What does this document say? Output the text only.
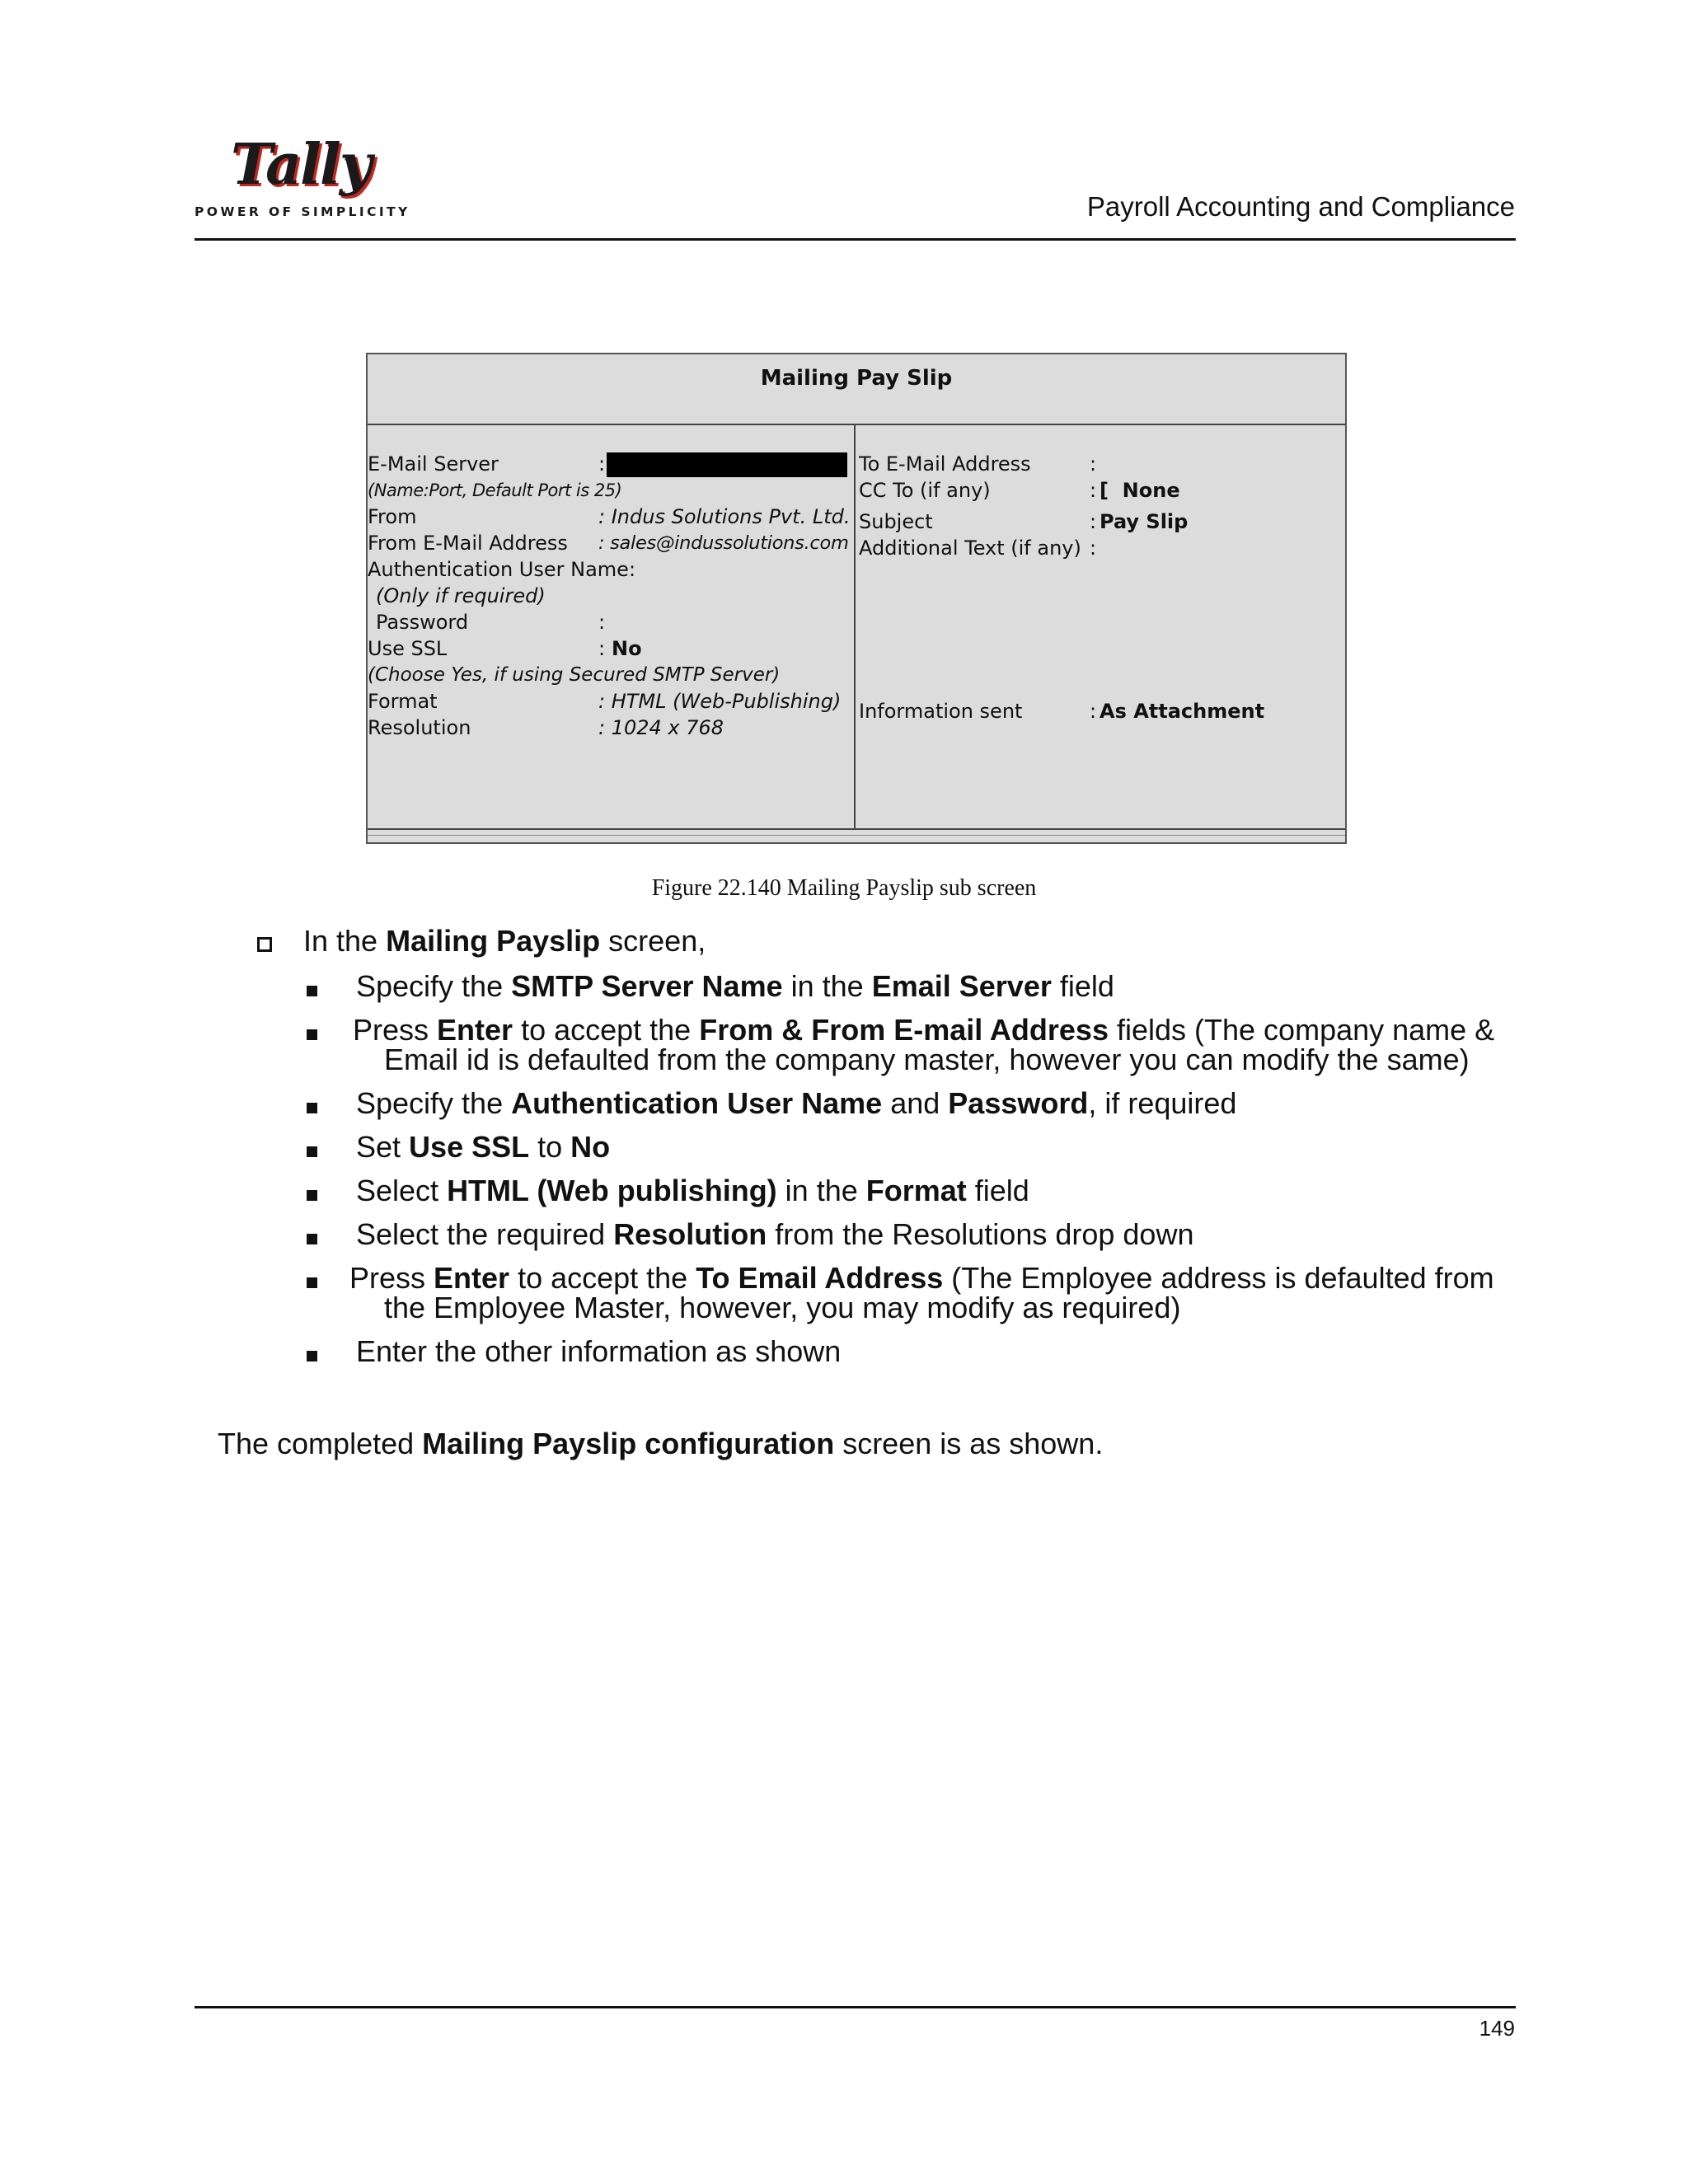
Tally
POWER OF SIMPLICITY	Payroll Accounting and Compliance
Mailing Pay Slip
E-Mail Server	:
(Name:Port, Default Port is 25)
From	: Indus Solutions Pvt. Ltd.
From E-Mail Address : sales@indussolutions.com
Authentication User Name:
(Only if required)
Password	:
Use SSL	: No
(Choose Yes, if using Secured SMTP Server)
Format	: HTML (Web-Publishing)
Resolution	: 1024 x 768
To E-Mail Address	:
CC To (if any)	: [  None
Subject	: Pay Slip
Additional Text (if any) :
Information sent	: As Attachment
Figure 22.140 Mailing Payslip sub screen
In the Mailing Payslip screen,
Specify the SMTP Server Name in the Email Server field
Press Enter to accept the From & From E-mail Address fields (The company name &
Email id is defaulted from the company master, however you can modify the same)
Specify the Authentication User Name and Password, if required
Set Use SSL to No
Select HTML (Web publishing) in the Format field
Select the required Resolution from the Resolutions drop down
Press Enter to accept the To Email Address (The Employee address is defaulted from
the Employee Master, however, you may modify as required)
Enter the other information as shown
The completed Mailing Payslip configuration screen is as shown.
149
